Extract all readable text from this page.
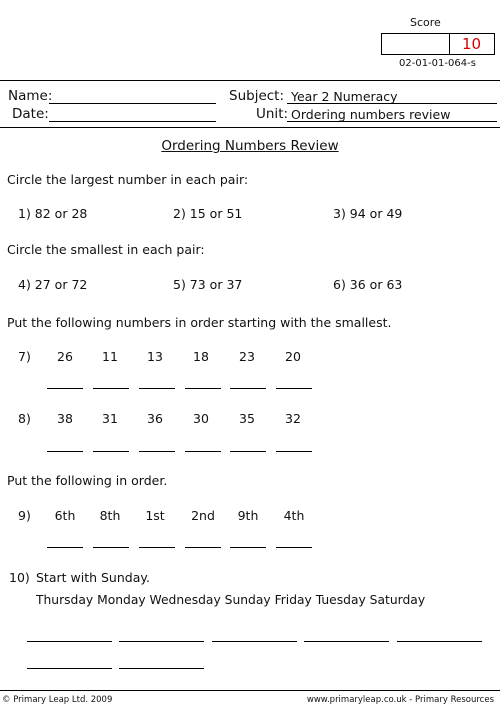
Score
10
02-01-01-064-s
Name:
Date:
Subject: Year 2 Numeracy
Unit: Ordering numbers review
Ordering Numbers Review
Circle the largest number in each pair:
1) 82 or 28	2) 15 or 51	3) 94 or 49
Circle the smallest in each pair:
4) 27 or 72	5) 73 or 37	6) 36 or 63
Put the following numbers in order starting with the smallest.
7)	26	11	13	18	23	20
8)	38	31	36	30	35	32
Put the following in order.
9)	6th	8th	1st	2nd	9th	4th
10) Start with Sunday.
Thursday Monday Wednesday Sunday Friday Tuesday Saturday
© Primary Leap Ltd. 2009	www.primaryleap.co.uk - Primary Resources
